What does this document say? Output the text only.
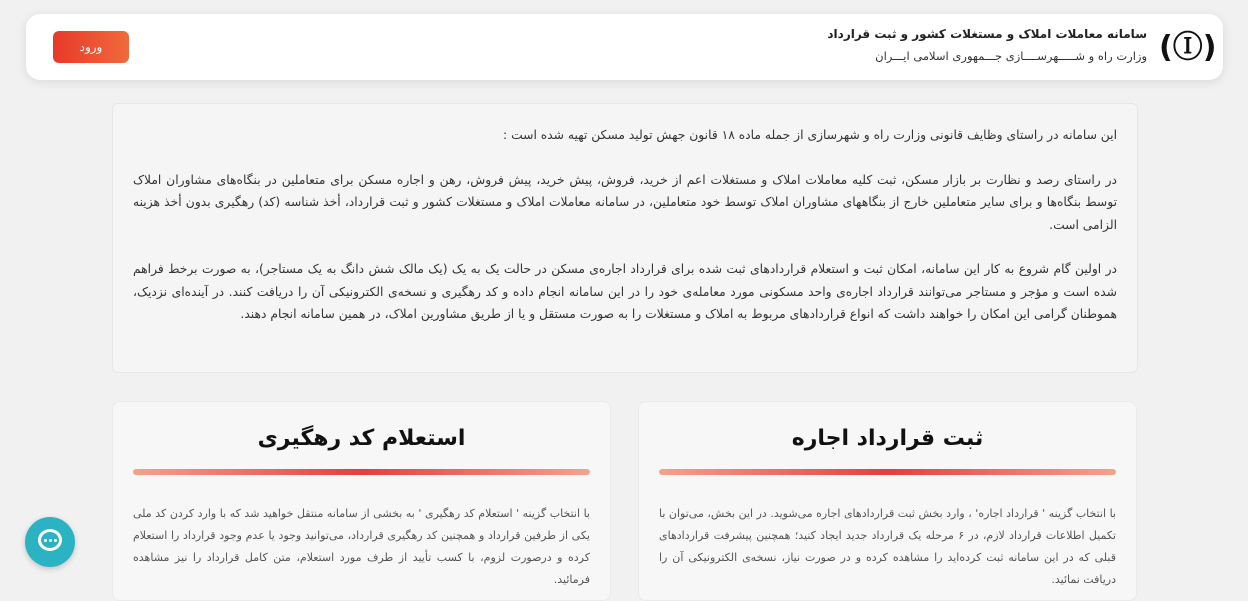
ورود	(Ⓘ)
سامانه معاملات املاک و مستغلات کشور و ثبت قرارداد
وزارت راه و شـــــهرســــازی جـــمهوری اسلامی ایـــران

این سامانه در راستای وظایف قانونی وزارت راه و شهرسازی از جمله ماده ۱۸ قانون جهش تولید مسکن تهیه شده است :

در راستای رصد و نظارت بر بازار مسکن، ثبت کلیه معاملات املاک و مستغلات اعم از خرید، فروش، پیش خرید، پیش فروش، رهن و اجاره مسکن برای متعاملین در بنگاه‌های مشاوران املاک توسط بنگاه‌ها و برای سایر متعاملین خارج از بنگاههای مشاوران املاک توسط خود متعاملین، در سامانه معاملات املاک و مستغلات کشور و ثبت قرارداد، أخذ شناسه (کد) رهگیری بدون أخذ هزینه الزامی است.

در اولین گام شروع به کار این سامانه، امکان ثبت و استعلام قراردادهای ثبت شده برای قرارداد اجاره‌ی مسکن در حالت یک به یک (یک مالک شش دانگ به یک مستاجر)، به صورت برخط فراهم شده است و مؤجر و مستاجر می‌توانند قرارداد اجاره‌ی واحد مسکونی مورد معامله‌ی خود را در این سامانه انجام داده و کد رهگیری و نسخه‌ی الکترونیکی آن را دریافت کنند. در آینده‌ای نزدیک، هموطنان گرامی این امکان را خواهند داشت که انواع قراردادهای مربوط به املاک و مستغلات را به صورت مستقل و یا از طریق مشاورین املاک، در همین سامانه انجام دهند.

ثبت قرارداد اجاره

با انتخاب گزینه ' قرارداد اجاره' ، وارد بخش ثبت قراردادهای اجاره می‌شوید. در این بخش، می‌توان با تکمیل اطلاعات قرارداد لازم، در ۶ مرحله یک قرارداد جدید ایجاد کنید؛ همچنین پیشرفت قراردادهای قبلی که در این سامانه ثبت کرده‌اید را مشاهده کرده و در صورت نیاز، نسخه‌ی الکترونیکی آن را دریافت نمائید.

استعلام کد رهگیری

با انتخاب گزینه ' استعلام کد رهگیری ' به بخشی از سامانه منتقل خواهید شد که با وارد کردن کد ملی یکی از طرفین قرارداد و همچنین کد رهگیری قرارداد، می‌توانید وجود یا عدم وجود قرارداد را استعلام کرده و درصورت لزوم، با کسب تأیید از طرف مورد استعلام، متن کامل قرارداد را نیز مشاهده فرمائید.
